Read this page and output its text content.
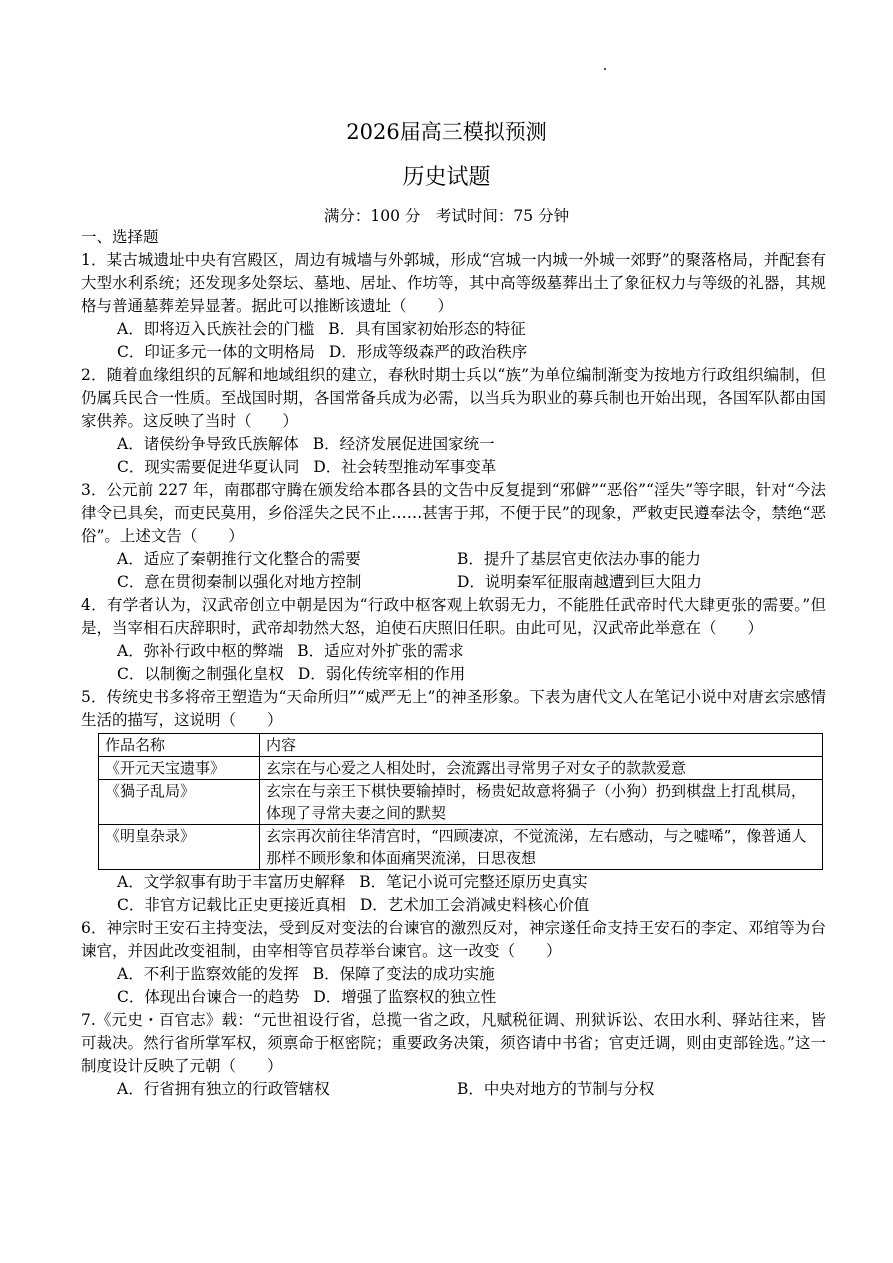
2026届高三模拟预测
历史试题
满分：100 分　考试时间：75 分钟

一、选择题

1．某古城遗址中央有宫殿区，周边有城墙与外郭城，形成“宫城一内城一外城一郊野”的聚落格局，并配套有大型水利系统；还发现多处祭坛、墓地、居址、作坊等，其中高等级墓葬出土了象征权力与等级的礼器，其规格与普通墓葬差异显著。据此可以推断该遗址（　　）

A．即将迈入氏族社会的门槛 B．具有国家初始形态的特征
C．印证多元一体的文明格局 D．形成等级森严的政治秩序

2．随着血缘组织的瓦解和地域组织的建立，春秋时期士兵以“族”为单位编制渐变为按地方行政组织编制，但仍属兵民合一性质。至战国时期，各国常备兵成为必需，以当兵为职业的募兵制也开始出现，各国军队都由国家供养。这反映了当时（　　）

A．诸侯纷争导致氏族解体 B．经济发展促进国家统一
C．现实需要促进华夏认同 D．社会转型推动军事变革

3．公元前 227 年，南郡郡守腾在颁发给本郡各县的文告中反复提到“邪僻”“恶俗”“淫失”等字眼，针对“今法律令已具矣，而吏民莫用，乡俗淫失之民不止……甚害于邦，不便于民”的现象，严敕吏民遵奉法令，禁绝“恶俗”。上述文告（　　）

A．适应了秦朝推行文化整合的需要	B．提升了基层官吏依法办事的能力
C．意在贯彻秦制以强化对地方控制	D．说明秦军征服南越遭到巨大阻力

4．有学者认为，汉武帝创立中朝是因为“行政中枢客观上软弱无力，不能胜任武帝时代大肆更张的需要。”但是，当宰相石庆辞职时，武帝却勃然大怒，迫使石庆照旧任职。由此可见，汉武帝此举意在（　　）

A．弥补行政中枢的弊端 B．适应对外扩张的需求
C．以制衡之制强化皇权 D．弱化传统宰相的作用

5．传统史书多将帝王塑造为“天命所归”“威严无上”的神圣形象。下表为唐代文人在笔记小说中对唐玄宗感情生活的描写，这说明（　　）

作品名称	内容
《开元天宝遗事》	玄宗在与心爱之人相处时，会流露出寻常男子对女子的款款爱意
《猧子乱局》	玄宗在与亲王下棋快要输掉时，杨贵妃故意将猧子（小狗）扔到棋盘上打乱棋局，体现了寻常夫妻之间的默契
《明皇杂录》	玄宗再次前往华清宫时，“四顾凄凉，不觉流涕，左右感动，与之嘘唏”，像普通人那样不顾形象和体面痛哭流涕，日思夜想
A．文学叙事有助于丰富历史解释 B．笔记小说可完整还原历史真实
C．非官方记载比正史更接近真相 D．艺术加工会消减史料核心价值

6．神宗时王安石主持变法，受到反对变法的台谏官的激烈反对，神宗遂任命支持王安石的李定、邓绾等为台谏官，并因此改变祖制，由宰相等官员荐举台谏官。这一改变（　　）

A．不利于监察效能的发挥 B．保障了变法的成功实施
C．体现出台谏合一的趋势 D．增强了监察权的独立性

7.《元史・百官志》载：“元世祖设行省，总揽一省之政，凡赋税征调、刑狱诉讼、农田水利、驿站往来，皆可裁决。然行省所掌军权，须禀命于枢密院；重要政务决策，须咨请中书省；官吏迁调，则由吏部铨选。”这一制度设计反映了元朝（　　）

A．行省拥有独立的行政管辖权	B．中央对地方的节制与分权
